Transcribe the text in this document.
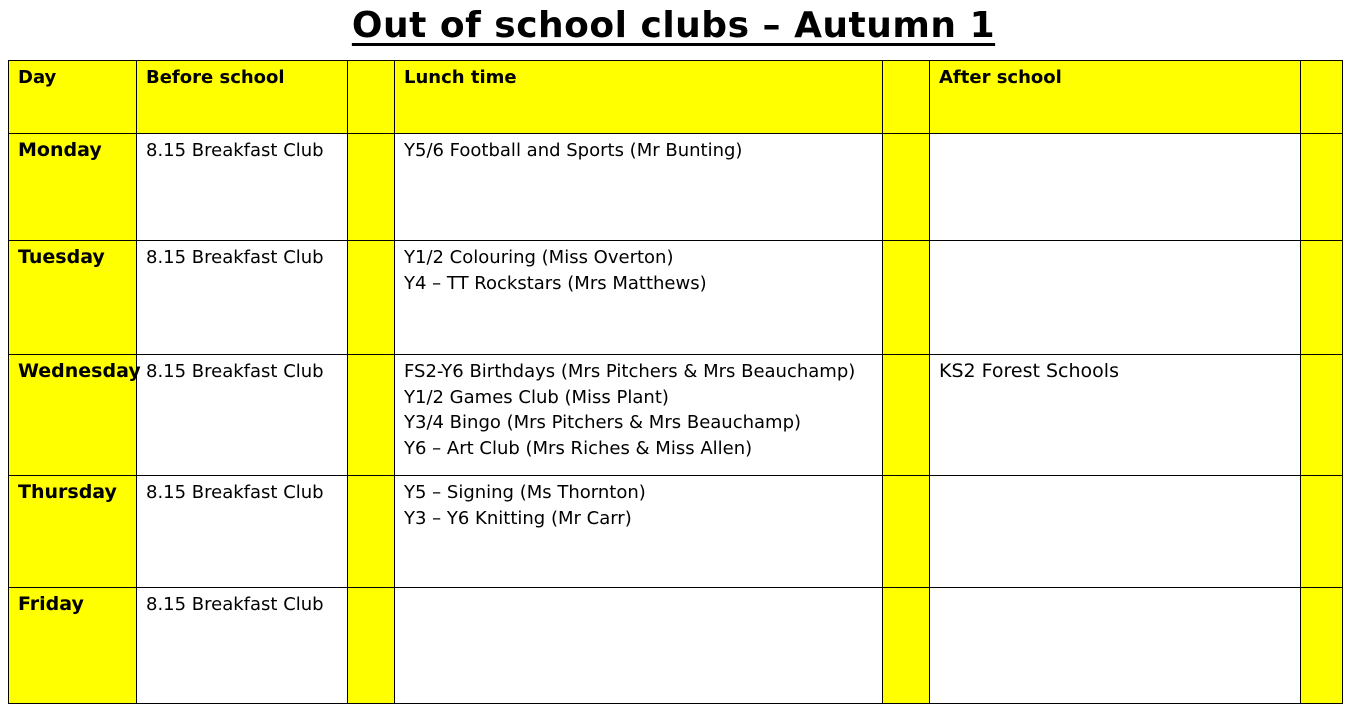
Out of school clubs – Autumn 1
Day	Before school		Lunch time		After school	

Monday	8.15 Breakfast Club		Y5/6 Football and Sports (Mr Bunting)			

Tuesday	8.15 Breakfast Club		Y1/2 Colouring (Miss Overton)
Y4 – TT Rockstars (Mrs Matthews)			

Wednesday	8.15 Breakfast Club		FS2-Y6 Birthdays (Mrs Pitchers & Mrs Beauchamp)
Y1/2 Games Club (Miss Plant)
Y3/4 Bingo (Mrs Pitchers & Mrs Beauchamp)
Y6 – Art Club (Mrs Riches & Miss Allen)		KS2 Forest Schools	

Thursday	8.15 Breakfast Club		Y5 – Signing (Ms Thornton)
Y3 – Y6 Knitting (Mr Carr)			

Friday	8.15 Breakfast Club					
